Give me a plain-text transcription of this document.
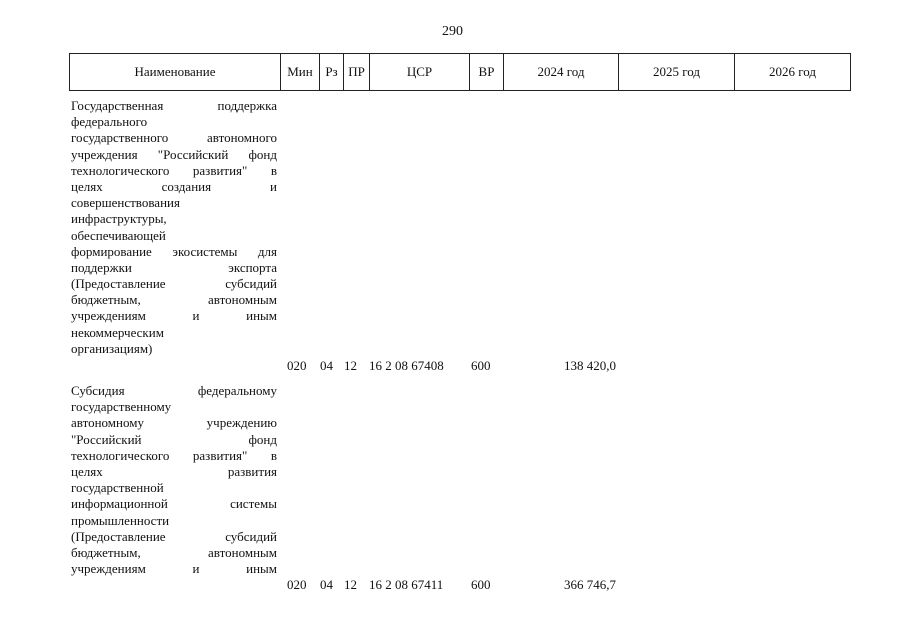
290
Наименование	Мин	Рз	ПР	ЦСР	ВР	2024 год	2025 год	2026 год
Государственная поддержка
федерального
государственного автономного
учреждения "Российский фонд
технологического развития" в
целях создания и
совершенствования
инфраструктуры,
обеспечивающей
формирование экосистемы для
поддержки экспорта
(Предоставление субсидий
бюджетным, автономным
учреждениям и иным
некоммерческим
организациям)
020	04 12 16 2 08 67408	600	138 420,0
Субсидия федеральному
государственному
автономному учреждению
"Российский фонд
технологического развития" в
целях развития
государственной
информационной системы
промышленности
(Предоставление субсидий
бюджетным, автономным
учреждениям и иным
020	04 12 16 2 08 67411	600	366 746,7
